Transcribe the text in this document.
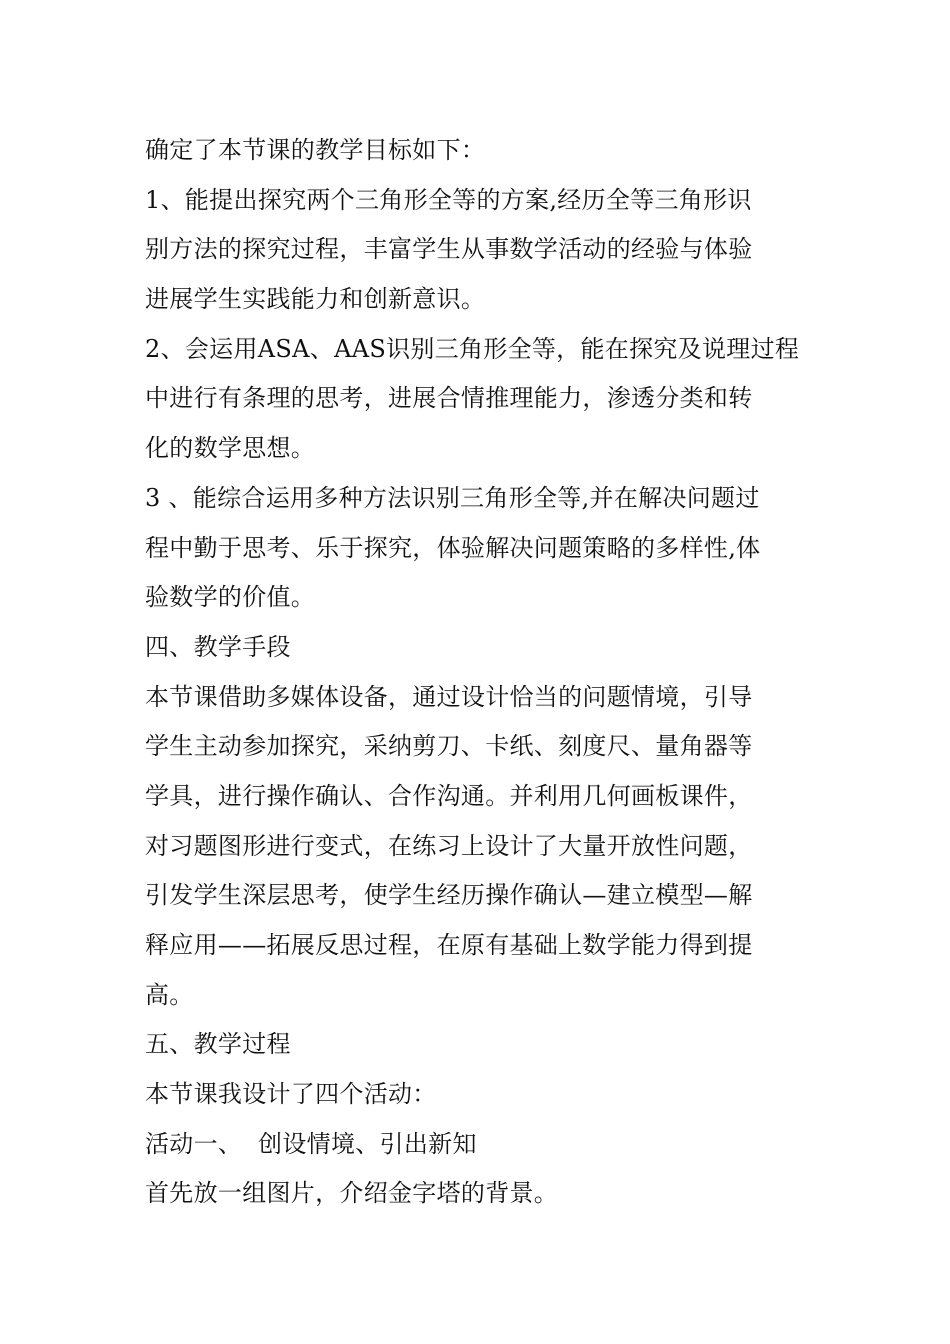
确定了本节课的教学目标如下：
1、能提出探究两个三角形全等的方案,经历全等三角形识
别方法的探究过程，丰富学生从事数学活动的经验与体验
进展学生实践能力和创新意识。
2、会运用ASA、AAS识别三角形全等，能在探究及说理过程
中进行有条理的思考，进展合情推理能力，渗透分类和转
化的数学思想。
3 、能综合运用多种方法识别三角形全等,并在解决问题过
程中勤于思考、乐于探究，体验解决问题策略的多样性,体
验数学的价值。
四、教学手段
本节课借助多媒体设备，通过设计恰当的问题情境，引导
学生主动参加探究，采纳剪刀、卡纸、刻度尺、量角器等
学具，进行操作确认、合作沟通。并利用几何画板课件，
对习题图形进行变式，在练习上设计了大量开放性问题，
引发学生深层思考，使学生经历操作确认—建立模型—解
释应用——拓展反思过程，在原有基础上数学能力得到提
高。
五、教学过程
本节课我设计了四个活动：
活动一、  创设情境、引出新知
首先放一组图片，介绍金字塔的背景。
